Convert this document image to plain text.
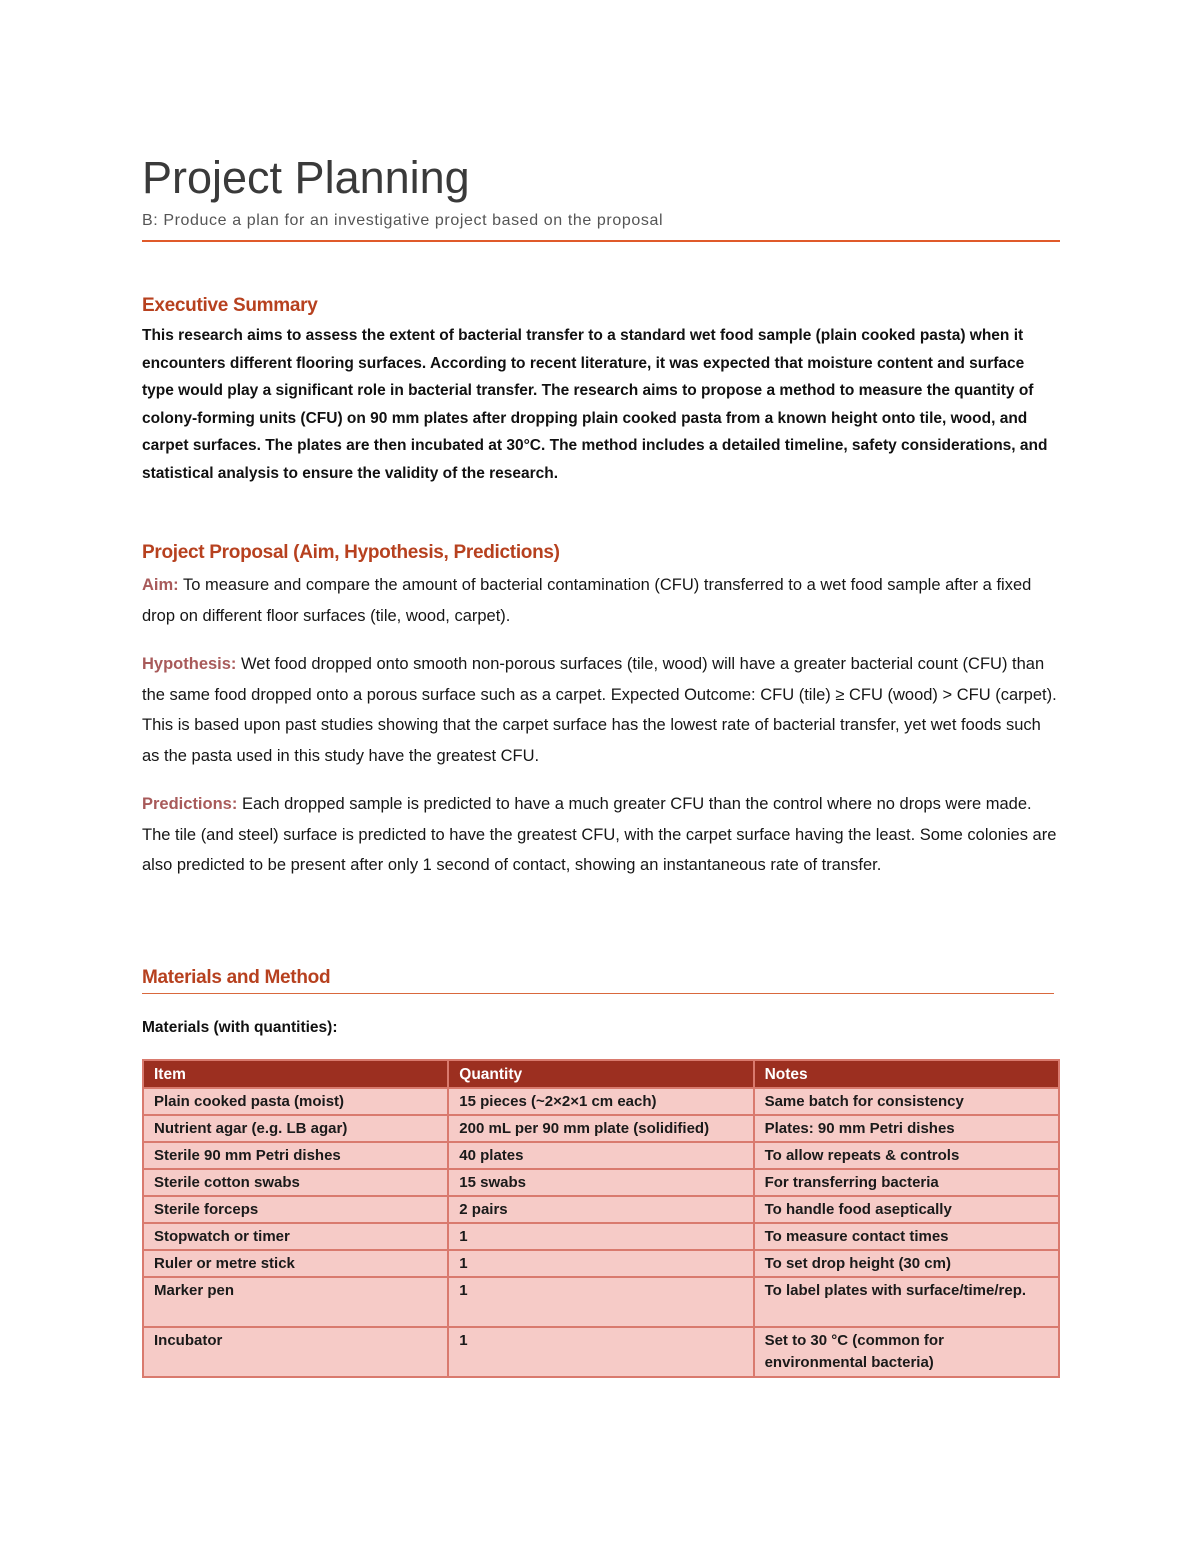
Project Planning

B: Produce a plan for an investigative project based on the proposal

Executive Summary

This research aims to assess the extent of bacterial transfer to a standard wet food sample (plain cooked pasta) when it encounters different flooring surfaces. According to recent literature, it was expected that moisture content and surface type would play a significant role in bacterial transfer. The research aims to propose a method to measure the quantity of colony-forming units (CFU) on 90 mm plates after dropping plain cooked pasta from a known height onto tile, wood, and carpet surfaces. The plates are then incubated at 30°C. The method includes a detailed timeline, safety considerations, and statistical analysis to ensure the validity of the research.

Project Proposal (Aim, Hypothesis, Predictions)

Aim: To measure and compare the amount of bacterial contamination (CFU) transferred to a wet food sample after a fixed drop on different floor surfaces (tile, wood, carpet).

Hypothesis: Wet food dropped onto smooth non-porous surfaces (tile, wood) will have a greater bacterial count (CFU) than the same food dropped onto a porous surface such as a carpet. Expected Outcome: CFU (tile) ≥ CFU (wood) > CFU (carpet). This is based upon past studies showing that the carpet surface has the lowest rate of bacterial transfer, yet wet foods such as the pasta used in this study have the greatest CFU.

Predictions: Each dropped sample is predicted to have a much greater CFU than the control where no drops were made. The tile (and steel) surface is predicted to have the greatest CFU, with the carpet surface having the least. Some colonies are also predicted to be present after only 1 second of contact, showing an instantaneous rate of transfer.

Materials and Method

Materials (with quantities):

Item	Quantity	Notes
Plain cooked pasta (moist)	15 pieces (~2×2×1 cm each)	Same batch for consistency
Nutrient agar (e.g. LB agar)	200 mL per 90 mm plate (solidified)	Plates: 90 mm Petri dishes
Sterile 90 mm Petri dishes	40 plates	To allow repeats & controls
Sterile cotton swabs	15 swabs	For transferring bacteria
Sterile forceps	2 pairs	To handle food aseptically
Stopwatch or timer	1	To measure contact times
Ruler or metre stick	1	To set drop height (30 cm)
Marker pen	1	To label plates with surface/time/rep.
Incubator	1	Set to 30 °C (common for environmental bacteria)
